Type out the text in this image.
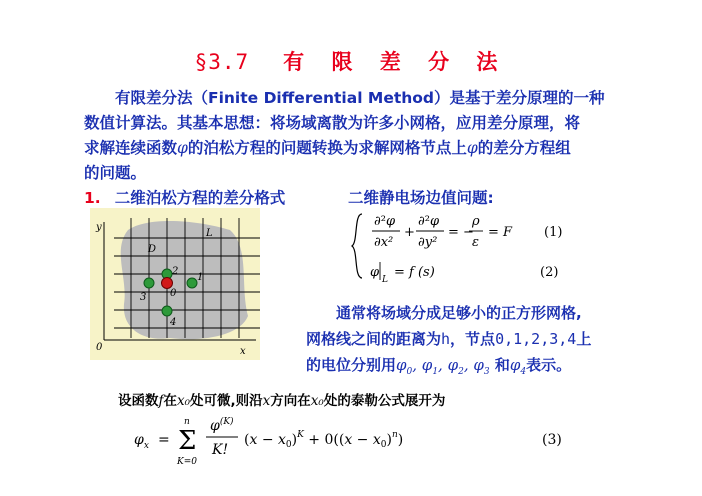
§3.7 有 限 差 分 法
有限差分法（Finite Differential Method）是基于差分原理的一种
数值计算法。其基本思想：将场域离散为许多小网格，应用差分原理，将
求解连续函数φ的泊松方程的问题转换为求解网格节点上φ的差分方程组
的问题。
1. 二维泊松方程的差分格式	二维静电场边值问题:
y
x
0
D
L
2
3 0
1
4
∂²φ
∂x²
+
∂²φ
∂y²
= −
ρ
ε
= F (1)
φ L = f (s)	(2)
通常将场域分成足够小的正方形网格,
网格线之间的距离为h，节点0,1,2,3,4上
的电位分别用$\varphi_0$, $\varphi_1$, $\varphi_2$, $\varphi_3$ 和$\varphi_4$表示。
设函数f在x₀处可微,则沿x方向在x₀处的泰勒公式展开为
$\varphi_x = \Sigma$
n
K=0
$\varphi^{(K)}$
K!
$(x - x_0)^K + 0((x - x_0)^n)$	(3)
